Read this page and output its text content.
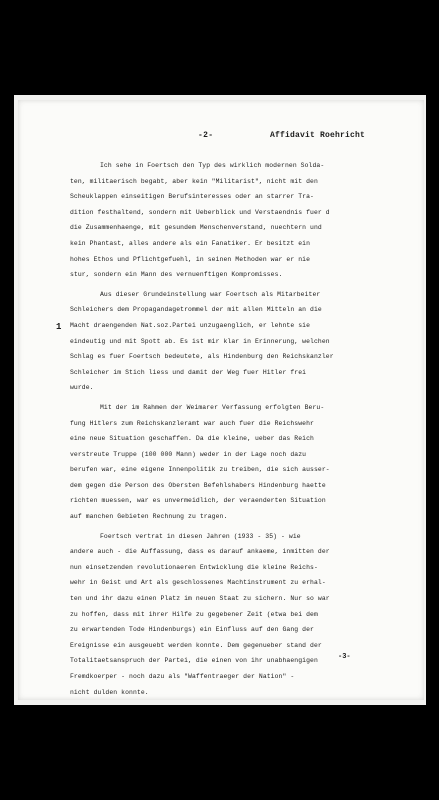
-2-	Affidavit Roehricht
1
Ich sehe in Foertsch den Typ des wirklich modernen Solda-
ten, militaerisch begabt, aber kein "Militarist", nicht mit den
Scheuklappen einseitigen Berufsinteresses oder an starrer Tra-
dition festhaltend, sondern mit Ueberblick und Verstaendnis fuer d
die Zusammenhaenge, mit gesundem Menschenverstand, nuechtern und
kein Phantast, alles andere als ein Fanatiker. Er besitzt ein
hohes Ethos und Pflichtgefuehl, in seinen Methoden war er nie
stur, sondern ein Mann des vernuenftigen Kompromisses.
Aus dieser Grundeinstellung war Foertsch als Mitarbeiter
Schleichers dem Propagandagetrommel der mit allen Mitteln an die
Macht draengenden Nat.soz.Partei unzugaenglich, er lehnte sie
eindeutig und mit Spott ab. Es ist mir klar in Erinnerung, welchen
Schlag es fuer Foertsch bedeutete, als Hindenburg den Reichskanzler
Schleicher im Stich liess und damit der Weg fuer Hitler frei
wurde.
Mit der im Rahmen der Weimarer Verfassung erfolgten Beru-
fung Hitlers zum Reichskanzleramt war auch fuer die Reichswehr
eine neue Situation geschaffen. Da die kleine, ueber das Reich
verstreute Truppe (100 000 Mann) weder in der Lage noch dazu
berufen war, eine eigene Innenpolitik zu treiben, die sich ausser-
dem gegen die Person des Obersten Befehlshabers Hindenburg haette
richten muessen, war es unvermeidlich, der veraenderten Situation
auf manchen Gebieten Rechnung zu tragen.
Foertsch vertrat in diesen Jahren (1933 - 35) - wie
andere auch - die Auffassung, dass es darauf ankaeme, inmitten der
nun einsetzenden revolutionaeren Entwicklung die kleine Reichs-
wehr in Geist und Art als geschlossenes Machtinstrument zu erhal-
ten und ihr dazu einen Platz im neuen Staat zu sichern. Nur so war
zu hoffen, dass mit ihrer Hilfe zu gegebener Zeit (etwa bei dem
zu erwartenden Tode Hindenburgs) ein Einfluss auf den Gang der
Ereignisse ein ausgeuebt werden konnte. Dem gegenueber stand der
Totalitaetsanspruch der Partei, die einen von ihr unabhaengigen
Fremdkoerper - noch dazu als "Waffentraeger der Nation" -
nicht dulden konnte.
-3-
